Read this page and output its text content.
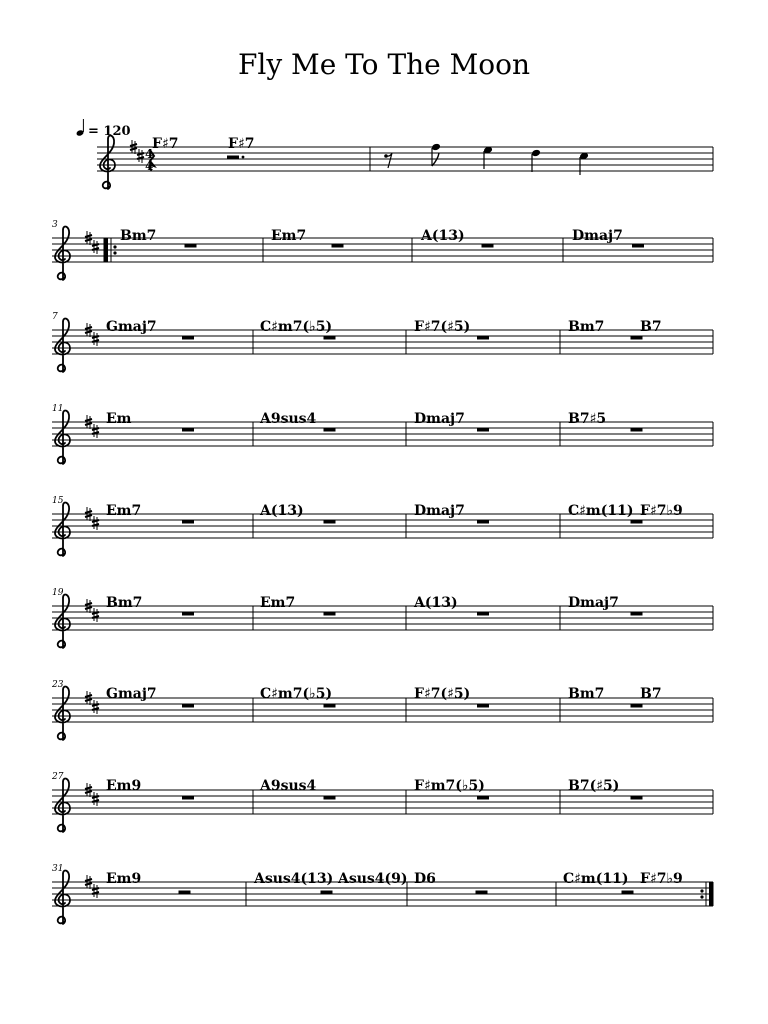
Fly Me To The Moon
F♯7	F♯7
4
4
3
Bm7	Em7	A(13)	Dmaj7
7
Gmaj7	C♯m7(♭5)	F♯7(♯5)	Bm7	B7
11
Em	A9sus4	Dmaj7	B7♯5
15
Em7	A(13)	Dmaj7	C♯m(11) F♯7♭9
19
Bm7	Em7	A(13)	Dmaj7
23
Gmaj7	C♯m7(♭5)	F♯7(♯5)	Bm7	B7
27
Em9	A9sus4	F♯m7(♭5)	B7(♯5)
31
Em9	Asus4(13) Asus4(9) D6	C♯m(11) F♯7♭9
= 120
